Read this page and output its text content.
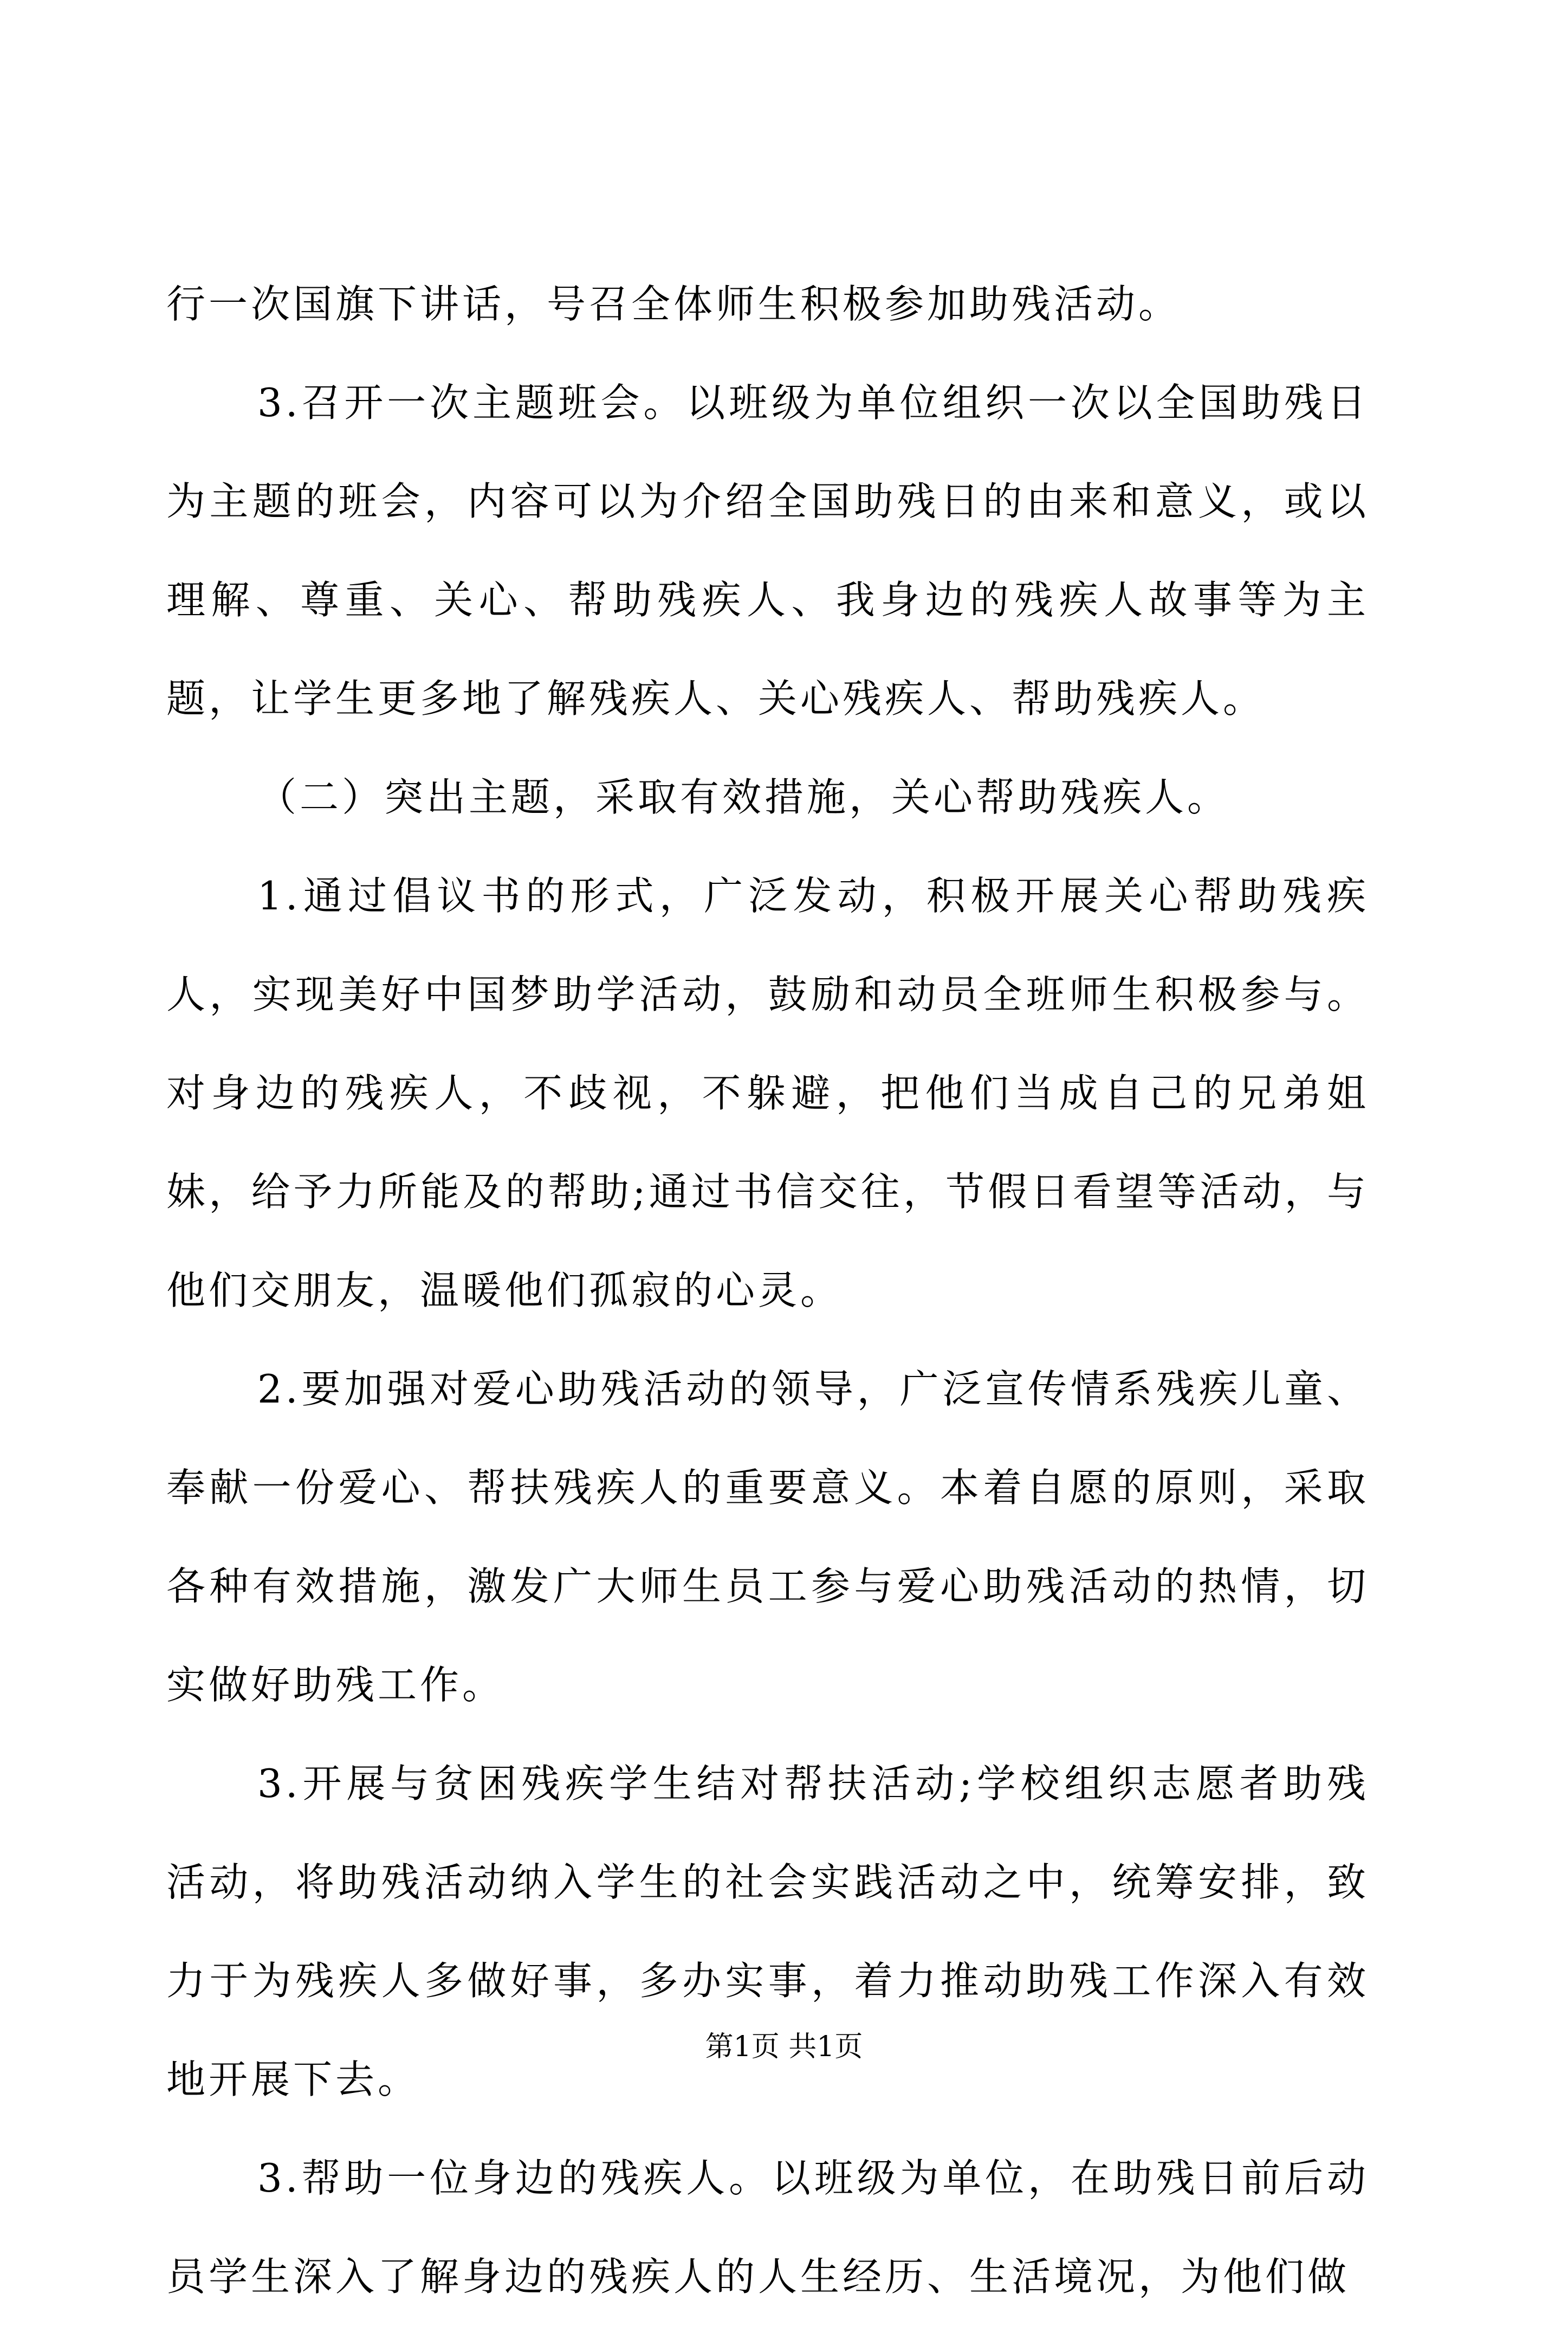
行一次国旗下讲话，号召全体师生积极参加助残活动。

3.召开一次主题班会。以班级为单位组织一次以全国助残日为主题的班会，内容可以为介绍全国助残日的由来和意义，或以理解、尊重、关心、帮助残疾人、我身边的残疾人故事等为主题，让学生更多地了解残疾人、关心残疾人、帮助残疾人。

（二）突出主题，采取有效措施，关心帮助残疾人。

1.通过倡议书的形式，广泛发动，积极开展关心帮助残疾人，实现美好中国梦助学活动，鼓励和动员全班师生积极参与。对身边的残疾人，不歧视，不躲避，把他们当成自己的兄弟姐妹，给予力所能及的帮助;通过书信交往，节假日看望等活动，与他们交朋友，温暖他们孤寂的心灵。

2.要加强对爱心助残活动的领导，广泛宣传情系残疾儿童、奉献一份爱心、帮扶残疾人的重要意义。本着自愿的原则，采取各种有效措施，激发广大师生员工参与爱心助残活动的热情，切实做好助残工作。

3.开展与贫困残疾学生结对帮扶活动;学校组织志愿者助残活动，将助残活动纳入学生的社会实践活动之中，统筹安排，致力于为残疾人多做好事，多办实事，着力推动助残工作深入有效地开展下去。

3.帮助一位身边的残疾人。以班级为单位，在助残日前后动员学生深入了解身边的残疾人的人生经历、生活境况，为他们做

第1页 共1页
